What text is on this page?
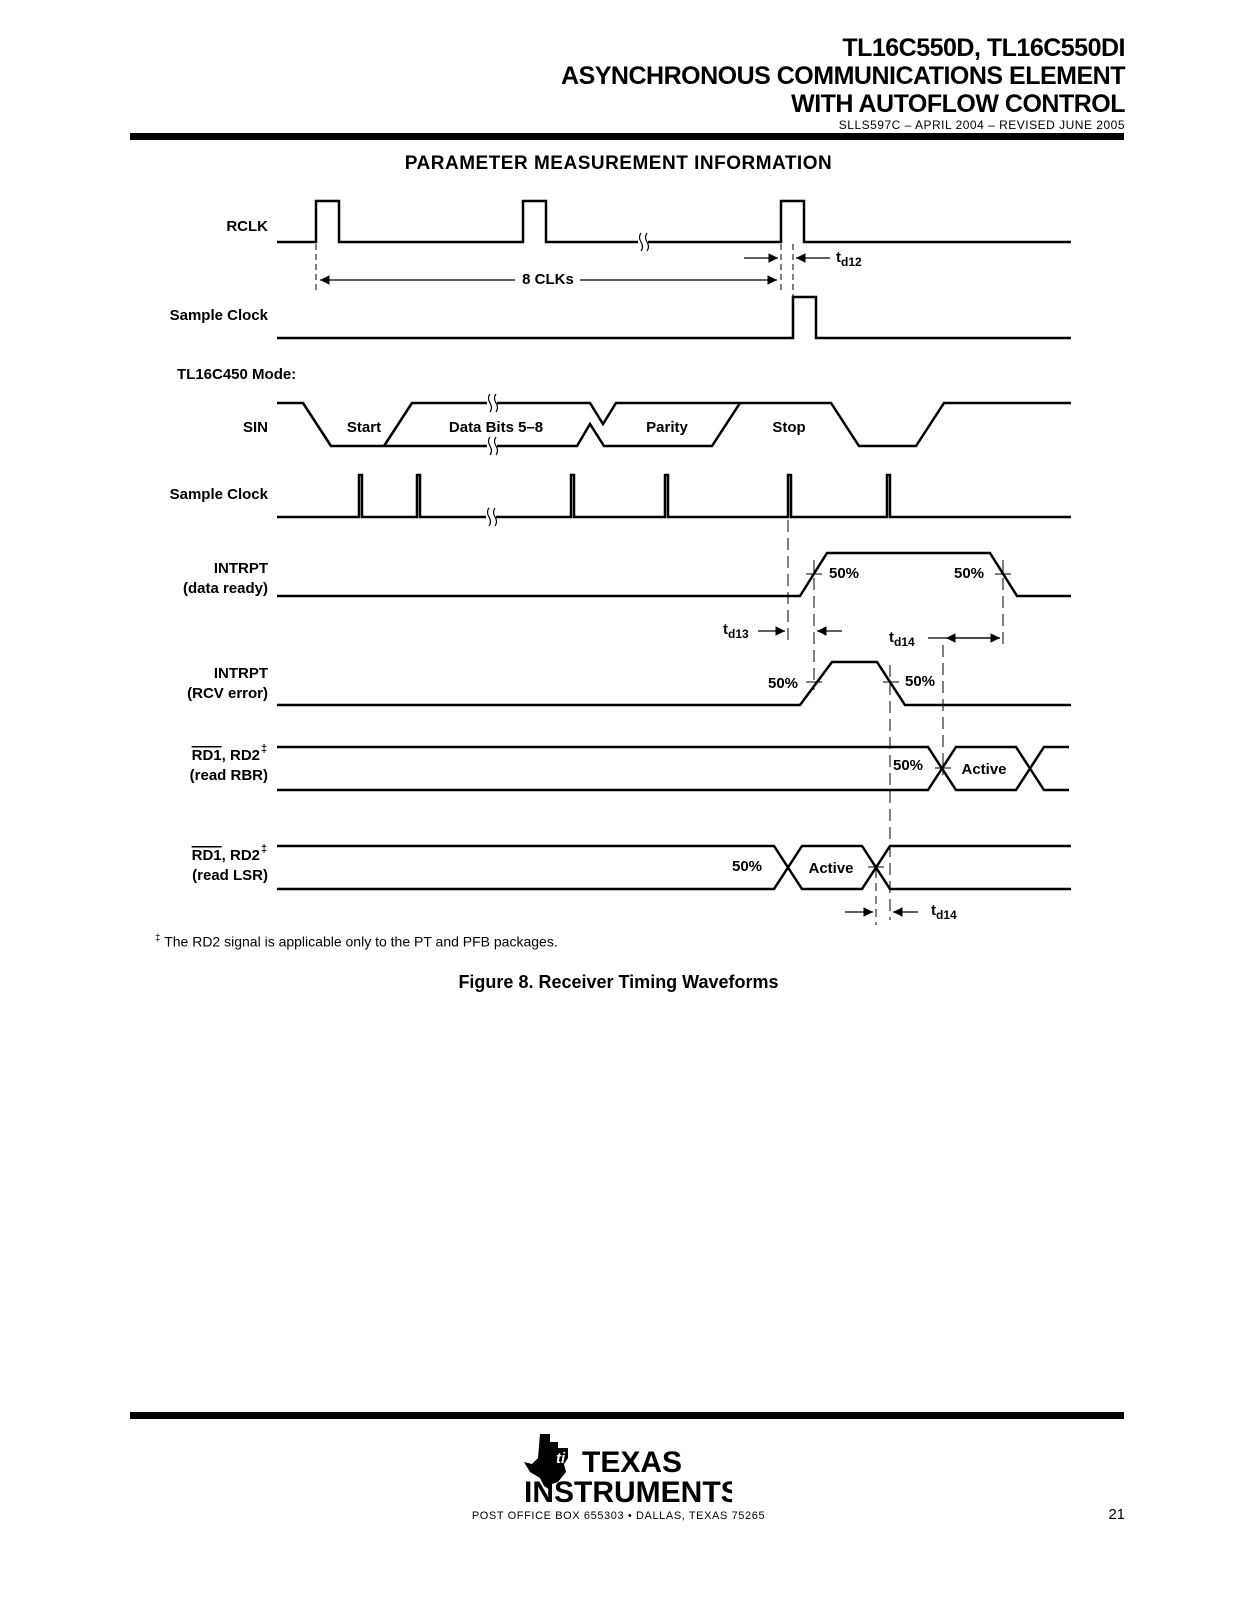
TL16C550D, TL16C550DI
ASYNCHRONOUS COMMUNICATIONS ELEMENT
WITH AUTOFLOW CONTROL
SLLS597C – APRIL 2004 – REVISED JUNE 2005
PARAMETER MEASUREMENT INFORMATION
RCLK
Sample Clock
TL16C450 Mode:
SIN
Sample Clock
INTRPT
(data ready)
INTRPT
(RCV error)
RD1, RD2 ‡
(read RBR)
RD1, RD2 ‡
(read LSR)
8 CLKs
Start	Data Bits 5–8	Parity	Stop
50%	50%
50%	50%
50%
50%
Active
Active
$t_{d12}$
$t_{d13}$	$t_{d14}$
$t_{d14}$
‡ The RD2 signal is applicable only to the PT and PFB packages.
Figure 8. Receiver Timing Waveforms
ti TEXAS
INSTRUMENTS
POST OFFICE BOX 655303 • DALLAS, TEXAS 75265	21
